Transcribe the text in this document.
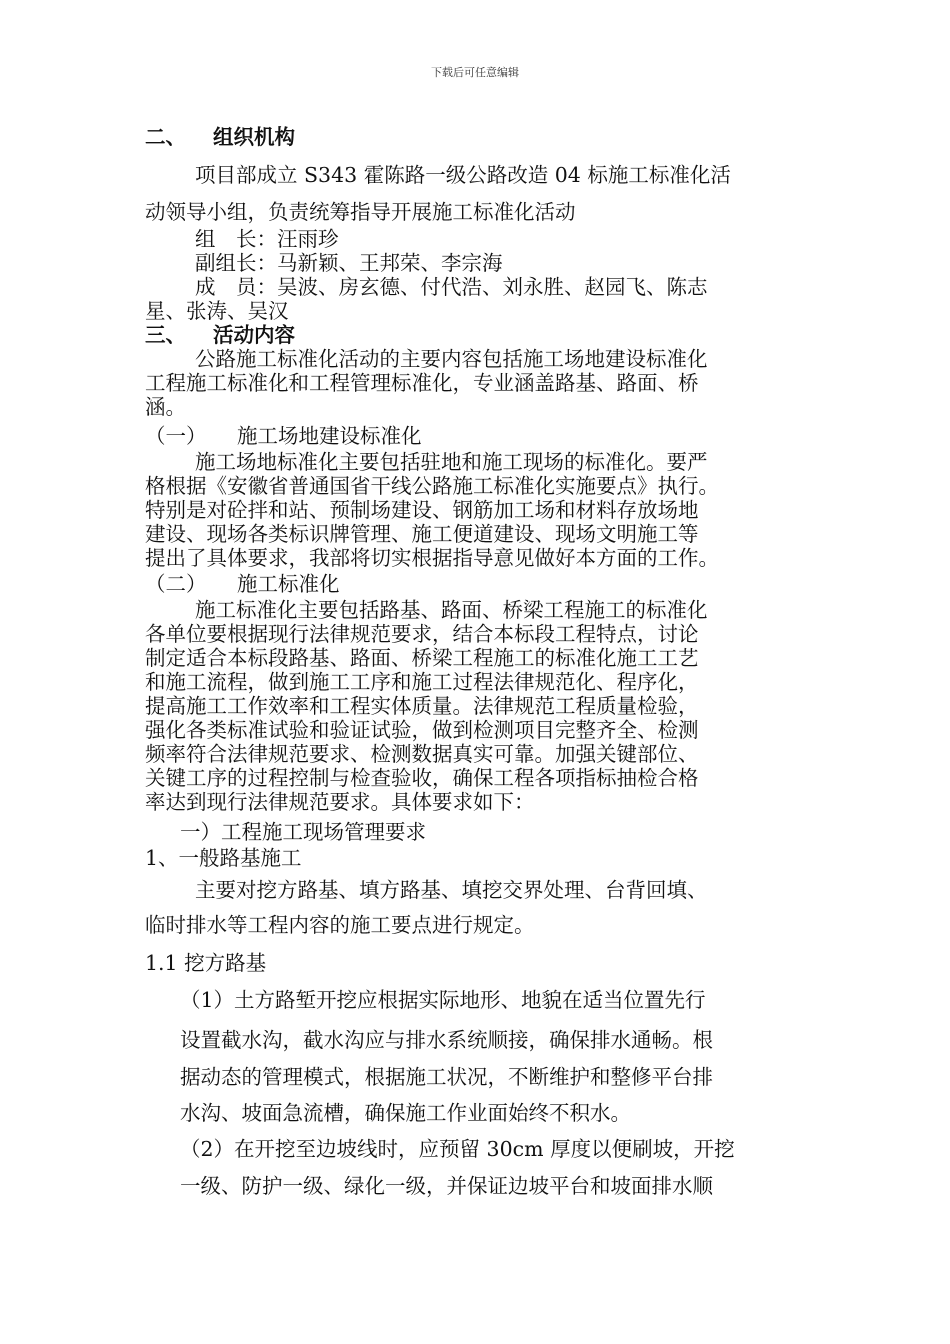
下载后可任意编辑
二、 组织机构
项目部成立 S343 霍陈路一级公路改造 04 标施工标准化活
动领导小组，负责统筹指导开展施工标准化活动
组　长：汪雨珍
副组长：马新颖、王邦荣、李宗海
成　员：吴波、房玄德、付代浩、刘永胜、赵园飞、陈志
星、张涛、吴汉
三、 活动内容
公路施工标准化活动的主要内容包括施工场地建设标准化
工程施工标准化和工程管理标准化，专业涵盖路基、路面、桥
涵。
（一） 施工场地建设标准化
施工场地标准化主要包括驻地和施工现场的标准化。要严
格根据《安徽省普通国省干线公路施工标准化实施要点》执行。
特别是对砼拌和站、预制场建设、钢筋加工场和材料存放场地
建设、现场各类标识牌管理、施工便道建设、现场文明施工等
提出了具体要求，我部将切实根据指导意见做好本方面的工作。
（二） 施工标准化
施工标准化主要包括路基、路面、桥梁工程施工的标准化
各单位要根据现行法律规范要求，结合本标段工程特点，讨论
制定适合本标段路基、路面、桥梁工程施工的标准化施工工艺
和施工流程，做到施工工序和施工过程法律规范化、程序化，
提高施工工作效率和工程实体质量。法律规范工程质量检验，
强化各类标准试验和验证试验，做到检测项目完整齐全、检测
频率符合法律规范要求、检测数据真实可靠。加强关键部位、
关键工序的过程控制与检查验收，确保工程各项指标抽检合格
率达到现行法律规范要求。具体要求如下：
一）工程施工现场管理要求
1、一般路基施工
主要对挖方路基、填方路基、填挖交界处理、台背回填、
临时排水等工程内容的施工要点进行规定。
1.1 挖方路基
（1）土方路堑开挖应根据实际地形、地貌在适当位置先行
设置截水沟，截水沟应与排水系统顺接，确保排水通畅。根
据动态的管理模式，根据施工状况，不断维护和整修平台排
水沟、坡面急流槽，确保施工作业面始终不积水。
（2）在开挖至边坡线时，应预留 30cm 厚度以便刷坡，开挖
一级、防护一级、绿化一级，并保证边坡平台和坡面排水顺
